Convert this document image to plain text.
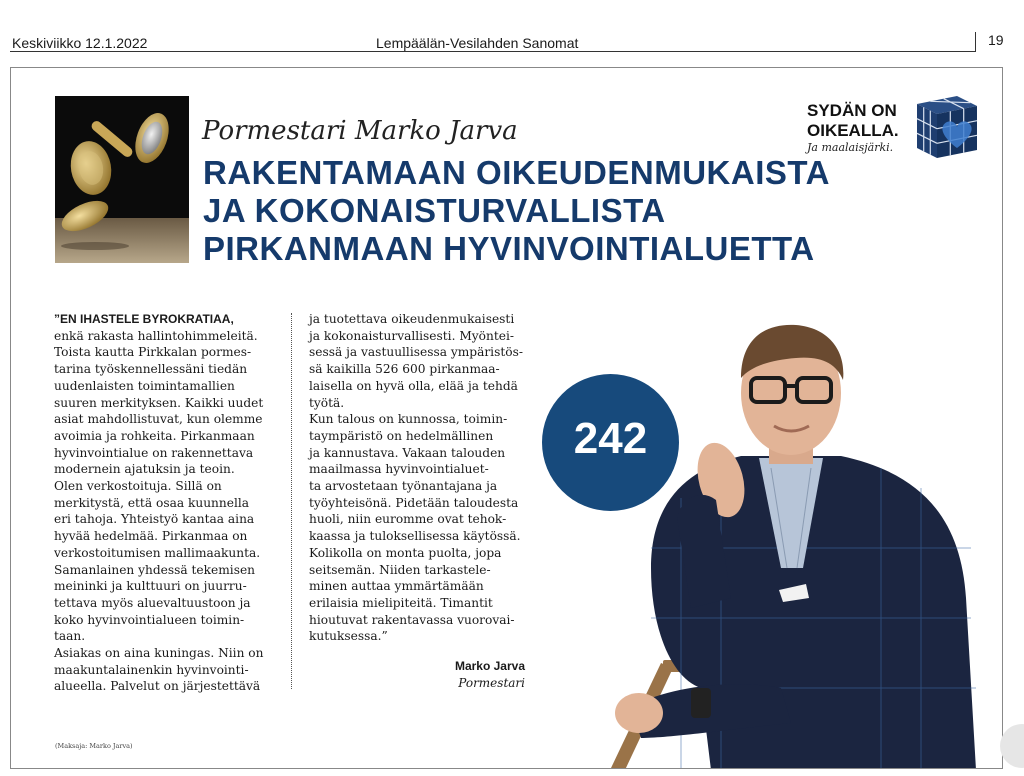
Keskiviikko 12.1.2022	Lempäälän-Vesilahden Sanomat	19
Pormestari Marko Jarva
RAKENTAMAAN OIKEUDENMUKAISTA
JA KOKONAISTURVALLISTA
PIRKANMAAN HYVINVOINTIALUETTA
SYDÄN ON
OIKEALLA.
Ja maalaisjärki.
”EN IHASTELE BYROKRATIAA,
enkä rakasta hallintohimmeleitä.
Toista kautta Pirkkalan pormes-
tarina työskennellessäni tiedän
uudenlaisten toimintamallien
suuren merkityksen. Kaikki uudet
asiat mahdollistuvat, kun olemme
avoimia ja rohkeita. Pirkanmaan
hyvinvointialue on rakennettava
modernein ajatuksin ja teoin.
Olen verkostoituja. Sillä on
merkitystä, että osaa kuunnella
eri tahoja. Yhteistyö kantaa aina
hyvää hedelmää. Pirkanmaa on
verkostoitumisen mallimaakunta.
Samanlainen yhdessä tekemisen
meininki ja kulttuuri on juurru-
tettava myös aluevaltuustoon ja
koko hyvinvointialueen toimin-
taan.
Asiakas on aina kuningas. Niin on
maakuntalainenkin hyvinvointi-
alueella. Palvelut on järjestettävä
ja tuotettava oikeudenmukaisesti
ja kokonaisturvallisesti. Myöntei-
sessä ja vastuullisessa ympäristös-
sä kaikilla 526 600 pirkanmaa-
laisella on hyvä olla, elää ja tehdä
työtä.
Kun talous on kunnossa, toimin-
taympäristö on hedelmällinen
ja kannustava. Vakaan talouden
maailmassa hyvinvointialuet-
ta arvostetaan työnantajana ja
työyhteisönä. Pidetään taloudesta
huoli, niin euromme ovat tehok-
kaassa ja tuloksellisessa käytössä.
Kolikolla on monta puolta, jopa
seitsemän. Niiden tarkastele-
minen auttaa ymmärtämään
erilaisia mielipiteitä. Timantit
hioutuvat rakentavassa vuorovai-
kutuksessa.”
Marko Jarva
Pormestari
(Maksaja: Marko Jarva)
242
